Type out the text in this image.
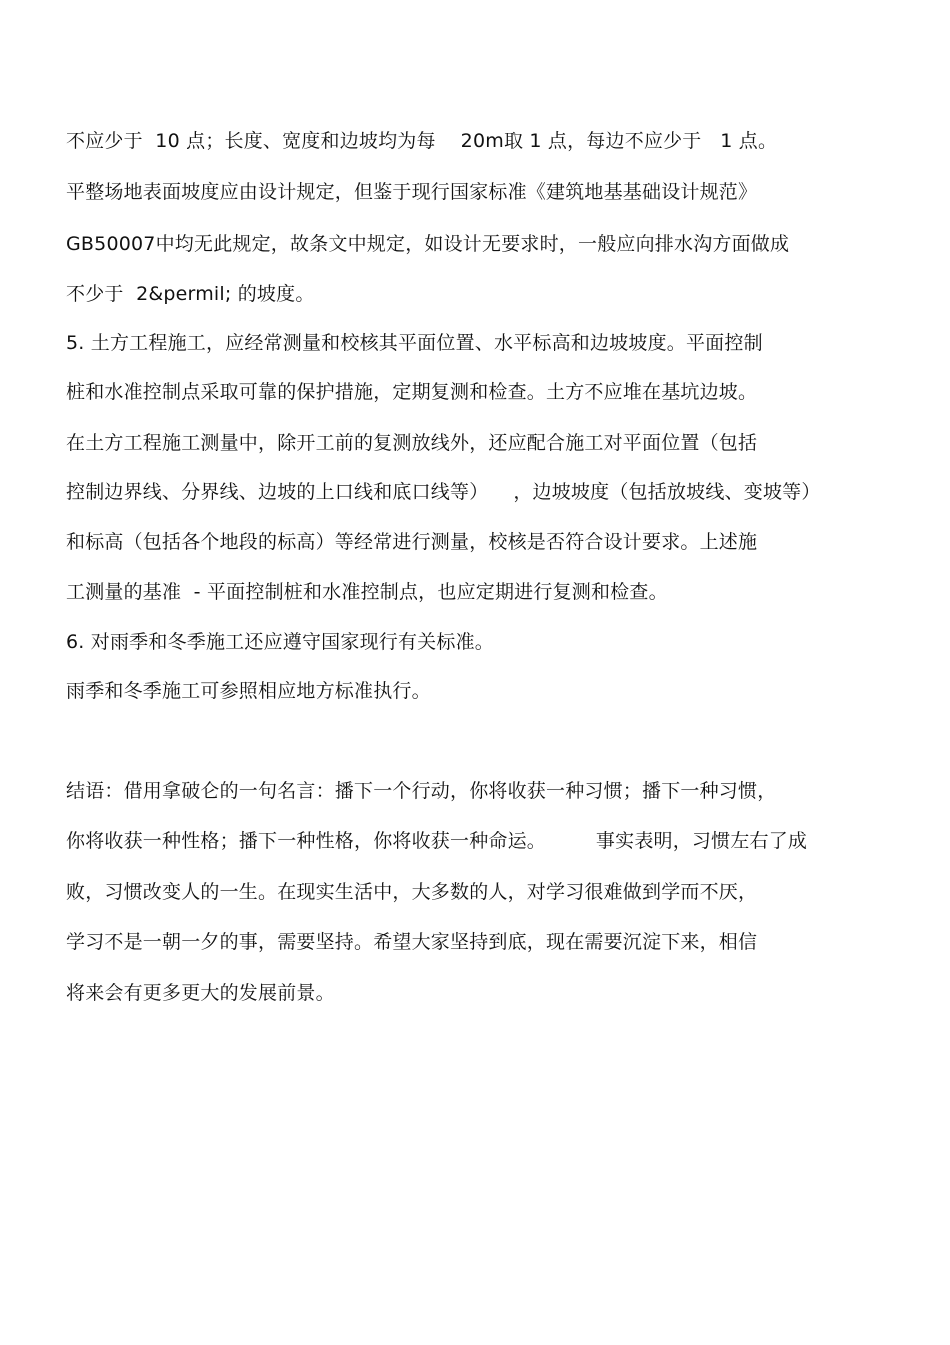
不应少于  10 点；长度、宽度和边坡均为每    20m取 1 点，每边不应少于   1 点。
平整场地表面坡度应由设计规定，但鉴于现行国家标准《建筑地基基础设计规范》
GB50007中均无此规定，故条文中规定，如设计无要求时，一般应向排水沟方面做成
不少于  2&permil; 的坡度。
5. 土方工程施工，应经常测量和校核其平面位置、水平标高和边坡坡度。平面控制
桩和水准控制点采取可靠的保护措施，定期复测和检查。土方不应堆在基坑边坡。
在土方工程施工测量中，除开工前的复测放线外，还应配合施工对平面位置（包括
控制边界线、分界线、边坡的上口线和底口线等）    ，边坡坡度（包括放坡线、变坡等）
和标高（包括各个地段的标高）等经常进行测量，校核是否符合设计要求。上述施
工测量的基准  - 平面控制桩和水准控制点，也应定期进行复测和检查。
6. 对雨季和冬季施工还应遵守国家现行有关标准。
雨季和冬季施工可参照相应地方标准执行。
结语：借用拿破仑的一句名言：播下一个行动，你将收获一种习惯；播下一种习惯，
你将收获一种性格；播下一种性格，你将收获一种命运。        事实表明，习惯左右了成
败，习惯改变人的一生。在现实生活中，大多数的人，对学习很难做到学而不厌，
学习不是一朝一夕的事，需要坚持。希望大家坚持到底，现在需要沉淀下来，相信
将来会有更多更大的发展前景。
